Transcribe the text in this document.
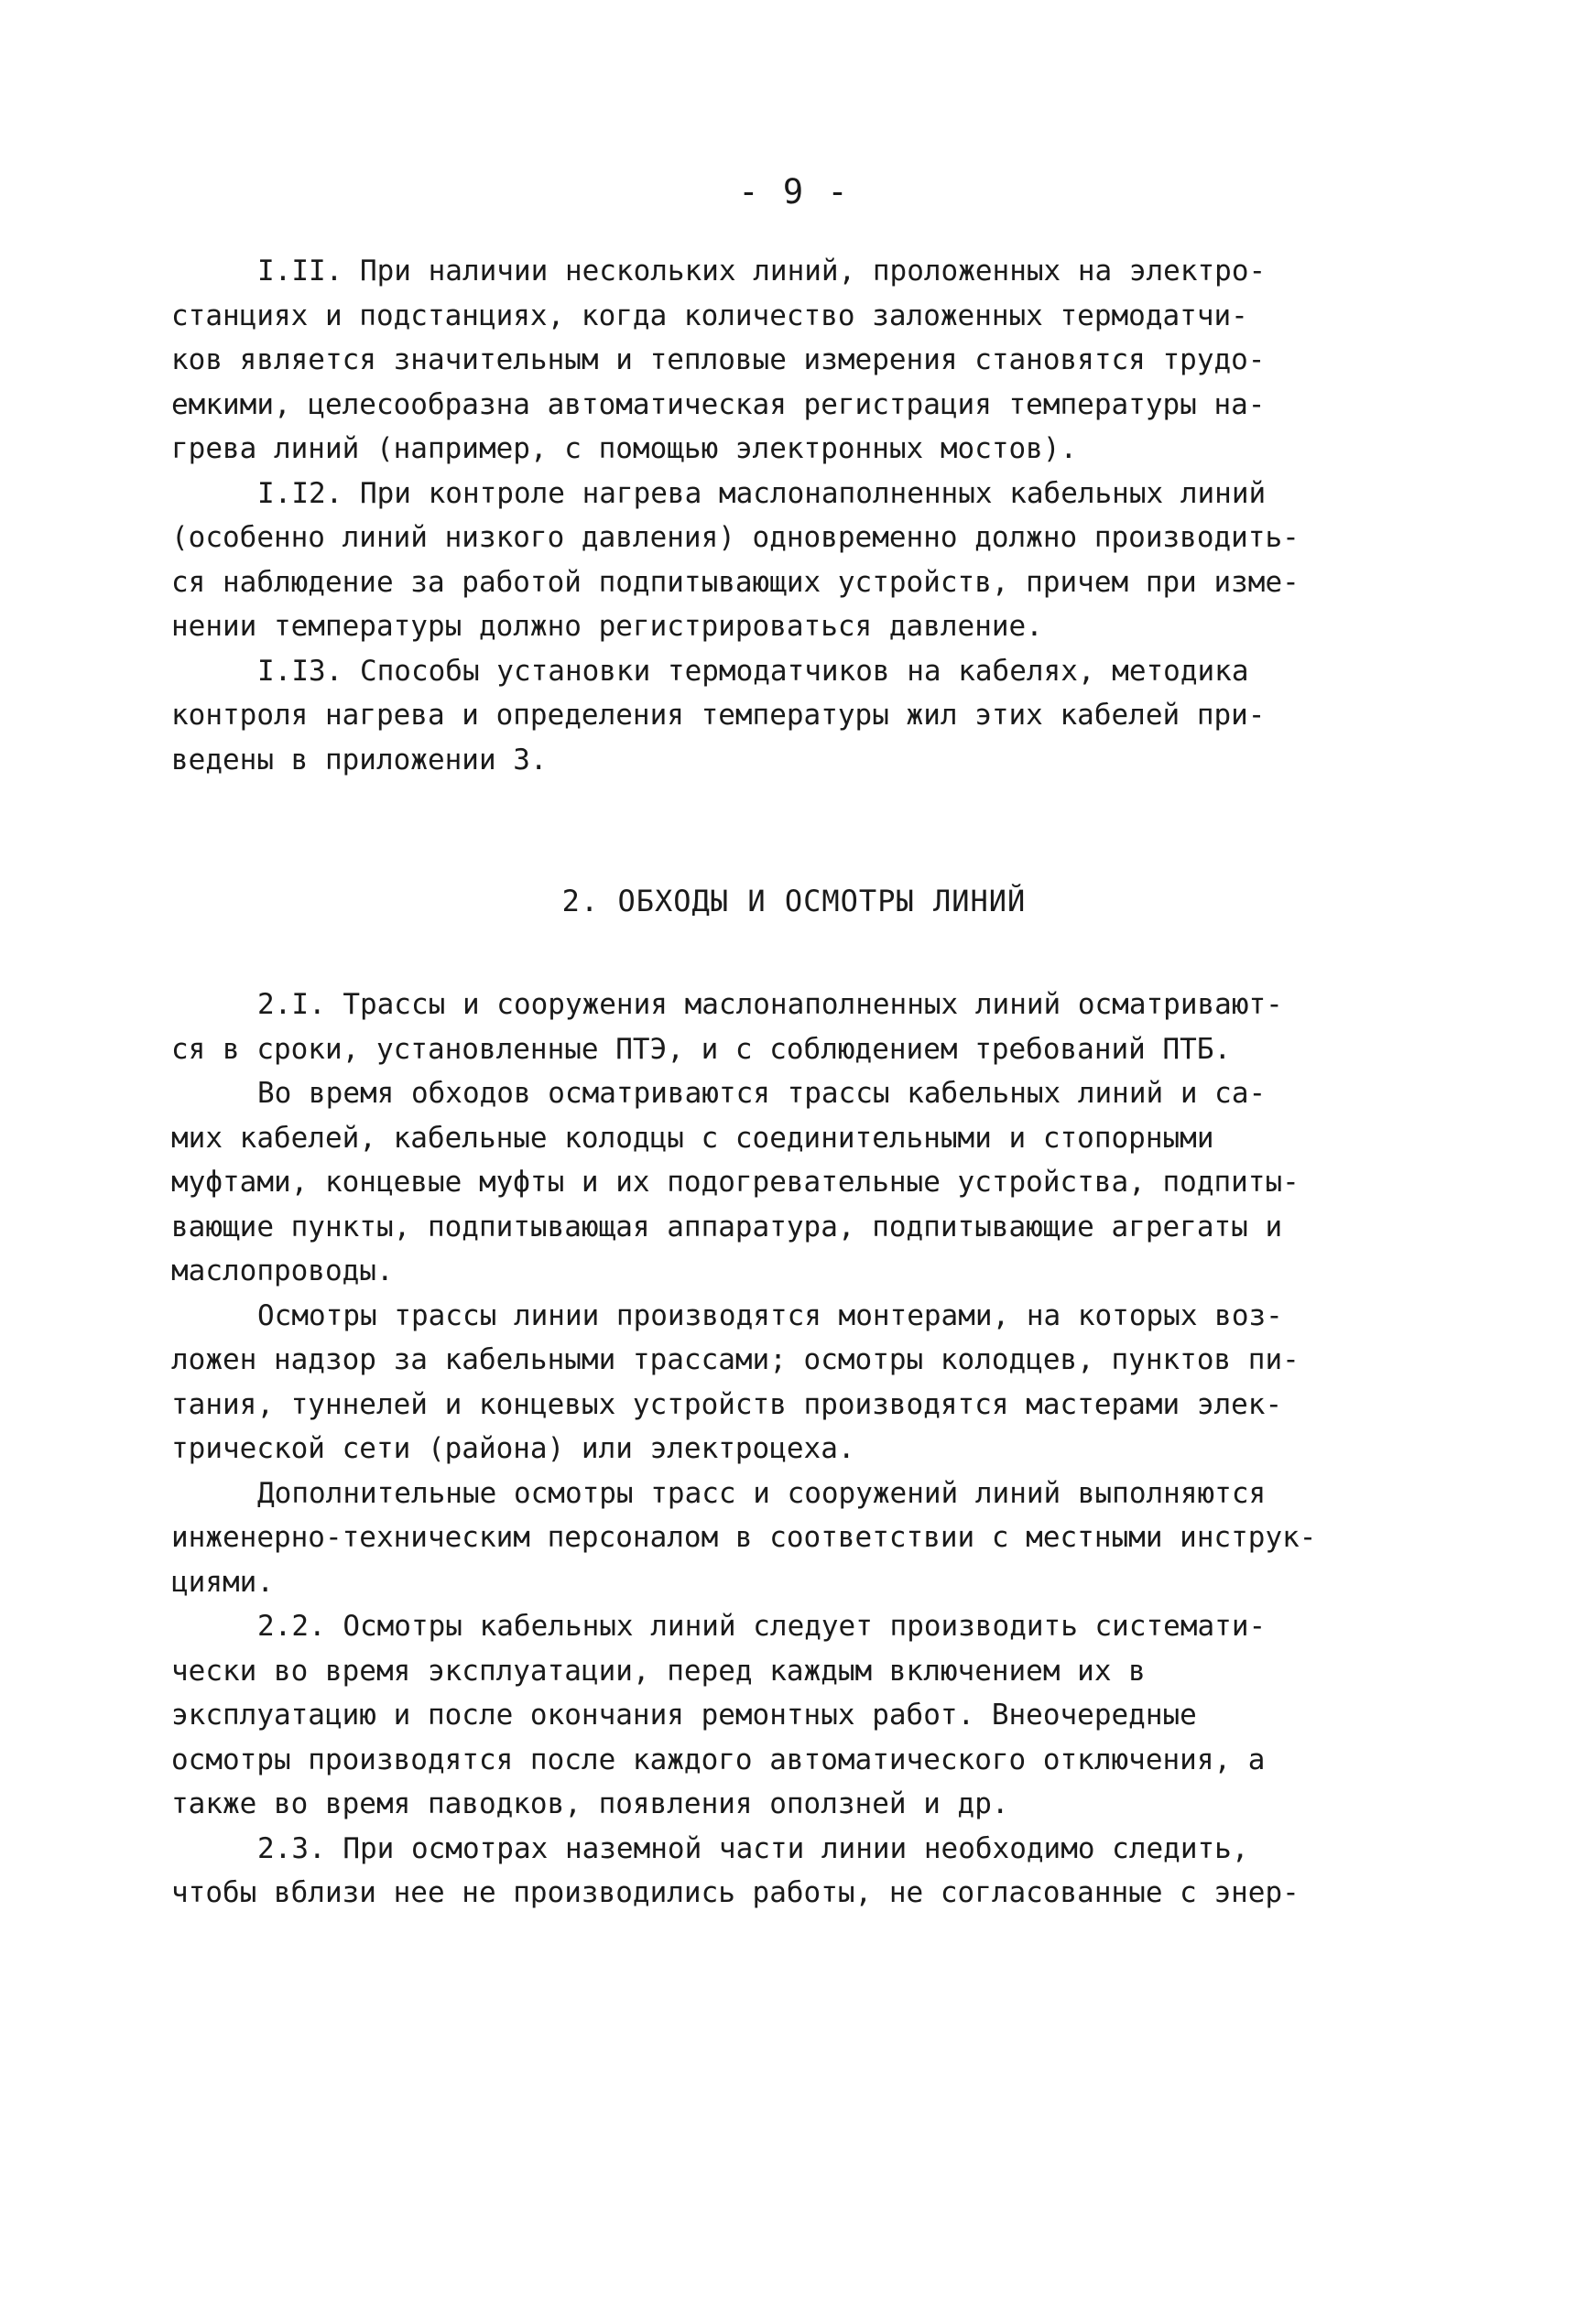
- 9 -
I.II. При наличии нескольких линий, проложенных на электро-
станциях и подстанциях, когда количество заложенных термодатчи-
ков является значительным и тепловые измерения становятся трудо-
емкими, целесообразна автоматическая регистрация температуры на-
грева линий (например, с помощью электронных мостов).
I.I2. При контроле нагрева маслонаполненных кабельных линий
(особенно линий низкого давления) одновременно должно производить-
ся наблюдение за работой подпитывающих устройств, причем при изме-
нении температуры должно регистрироваться давление.
I.I3. Способы установки термодатчиков на кабелях, методика
контроля нагрева и определения температуры жил этих кабелей при-
ведены в приложении 3.
2. ОБХОДЫ И ОСМОТРЫ ЛИНИЙ
2.I. Трассы и сооружения маслонаполненных линий осматривают-
ся в сроки, установленные ПТЭ, и с соблюдением требований ПТБ.
Во время обходов осматриваются трассы кабельных линий и са-
мих кабелей, кабельные колодцы с соединительными и стопорными
муфтами, концевые муфты и их подогревательные устройства, подпиты-
вающие пункты, подпитывающая аппаратура, подпитывающие агрегаты и
маслопроводы.
Осмотры трассы линии производятся монтерами, на которых воз-
ложен надзор за кабельными трассами; осмотры колодцев, пунктов пи-
тания, туннелей и концевых устройств производятся мастерами элек-
трической сети (района) или электроцеха.
Дополнительные осмотры трасс и сооружений линий выполняются
инженерно-техническим персоналом в соответствии с местными инструк-
циями.
2.2. Осмотры кабельных линий следует производить системати-
чески во время эксплуатации, перед каждым включением их в
эксплуатацию и после окончания ремонтных работ. Внеочередные
осмотры производятся после каждого автоматического отключения, а
также во время паводков, появления оползней и др.
2.3. При осмотрах наземной части линии необходимо следить,
чтобы вблизи нее не производились работы, не согласованные с энер-
